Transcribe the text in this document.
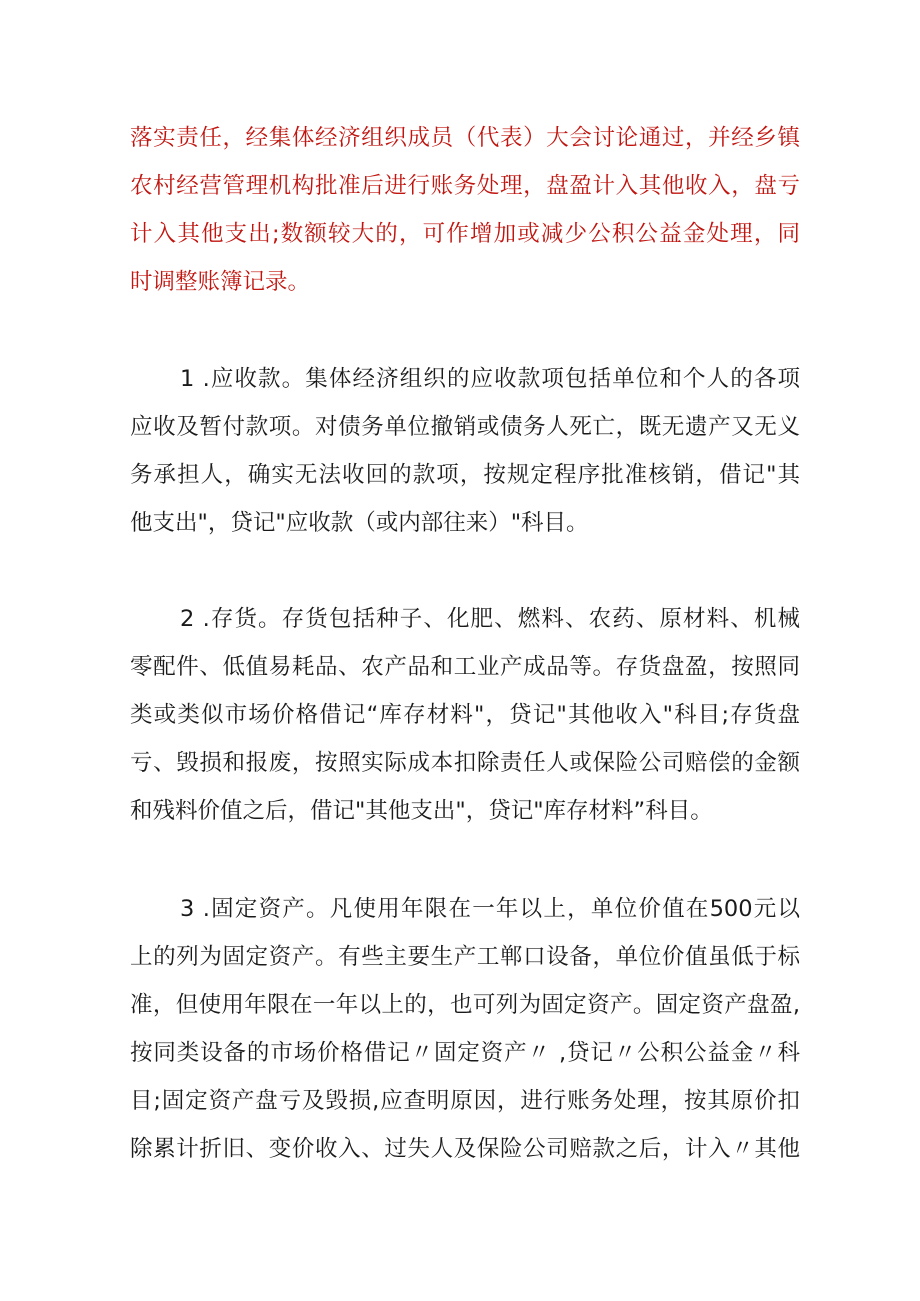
落实责任，经集体经济组织成员（代表）大会讨论通过，并经乡镇
农村经营管理机构批准后进行账务处理，盘盈计入其他收入，盘亏
计入其他支出;数额较大的，可作增加或减少公积公益金处理，同
时调整账簿记录。

1 .应收款。集体经济组织的应收款项包括单位和个人的各项
应收及暂付款项。对债务单位撤销或债务人死亡，既无遗产又无义
务承担人，确实无法收回的款项，按规定程序批准核销，借记"其
他支出"，贷记"应收款（或内部往来）"科目。

2 .存货。存货包括种子、化肥、燃料、农药、原材料、机械
零配件、低值易耗品、农产品和工业产成品等。存货盘盈，按照同
类或类似市场价格借记“库存材料"，贷记"其他收入"科目;存货盘
亏、毁损和报废，按照实际成本扣除责任人或保险公司赔偿的金额
和残料价值之后，借记"其他支出"，贷记"库存材料”科目。

3 .固定资产。凡使用年限在一年以上，单位价值在500元以
上的列为固定资产。有些主要生产工郸口设备，单位价值虽低于标
准，但使用年限在一年以上的，也可列为固定资产。固定资产盘盈,
按同类设备的市场价格借记〃固定资产〃 ,贷记〃公积公益金〃科
目;固定资产盘亏及毁损,应查明原因，进行账务处理，按其原价扣
除累计折旧、变价收入、过失人及保险公司赔款之后，计入〃其他
